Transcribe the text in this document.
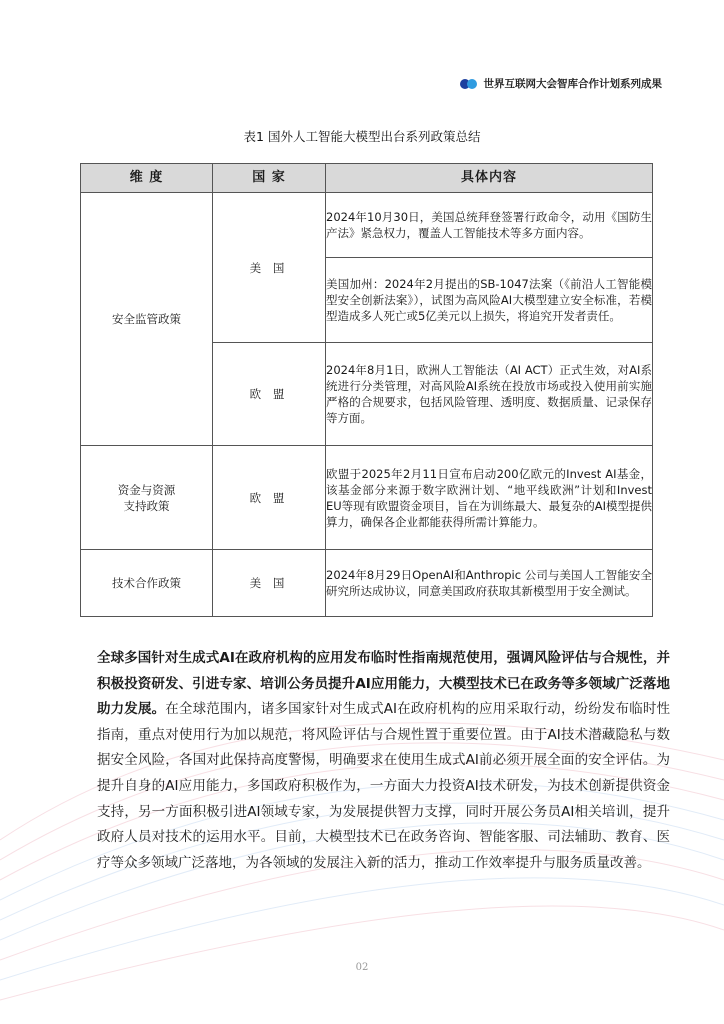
世界互联网大会智库合作计划系列成果
表1 国外人工智能大模型出台系列政策总结
维 度	国 家	具体内容
安全监管政策	美 国	2024年10月30日，美国总统拜登签署行政命令，动用《国防生产法》紧急权力，覆盖人工智能技术等多方面内容。
		美国加州：2024年2月提出的SB-1047法案（《前沿人工智能模型安全创新法案》），试图为高风险AI大模型建立安全标准，若模型造成多人死亡或5亿美元以上损失，将追究开发者责任。
	欧 盟	2024年8月1日，欧洲人工智能法（AI ACT）正式生效，对AI系统进行分类管理，对高风险AI系统在投放市场或投入使用前实施严格的合规要求，包括风险管理、透明度、数据质量、记录保存等方面。
资金与资源
支持政策	欧 盟	欧盟于2025年2月11日宣布启动200亿欧元的Invest AI基金，该基金部分来源于数字欧洲计划、“地平线欧洲”计划和Invest EU等现有欧盟资金项目，旨在为训练最大、最复杂的AI模型提供算力，确保各企业都能获得所需计算能力。
技术合作政策	美 国	2024年8月29日OpenAI和Anthropic 公司与美国人工智能安全研究所达成协议，同意美国政府获取其新模型用于安全测试。

全球多国针对生成式AI在政府机构的应用发布临时性指南规范使用，强调风险评估与合规性，并积极投资研发、引进专家、培训公务员提升AI应用能力，大模型技术已在政务等多领域广泛落地助力发展。在全球范围内，诸多国家针对生成式AI在政府机构的应用采取行动，纷纷发布临时性指南，重点对使用行为加以规范，将风险评估与合规性置于重要位置。由于AI技术潜藏隐私与数据安全风险，各国对此保持高度警惕，明确要求在使用生成式AI前必须开展全面的安全评估。为提升自身的AI应用能力，多国政府积极作为，一方面大力投资AI技术研发，为技术创新提供资金支持，另一方面积极引进AI领域专家，为发展提供智力支撑，同时开展公务员AI相关培训，提升政府人员对技术的运用水平。目前，大模型技术已在政务咨询、智能客服、司法辅助、教育、医疗等众多领域广泛落地，为各领域的发展注入新的活力，推动工作效率提升与服务质量改善。

02
